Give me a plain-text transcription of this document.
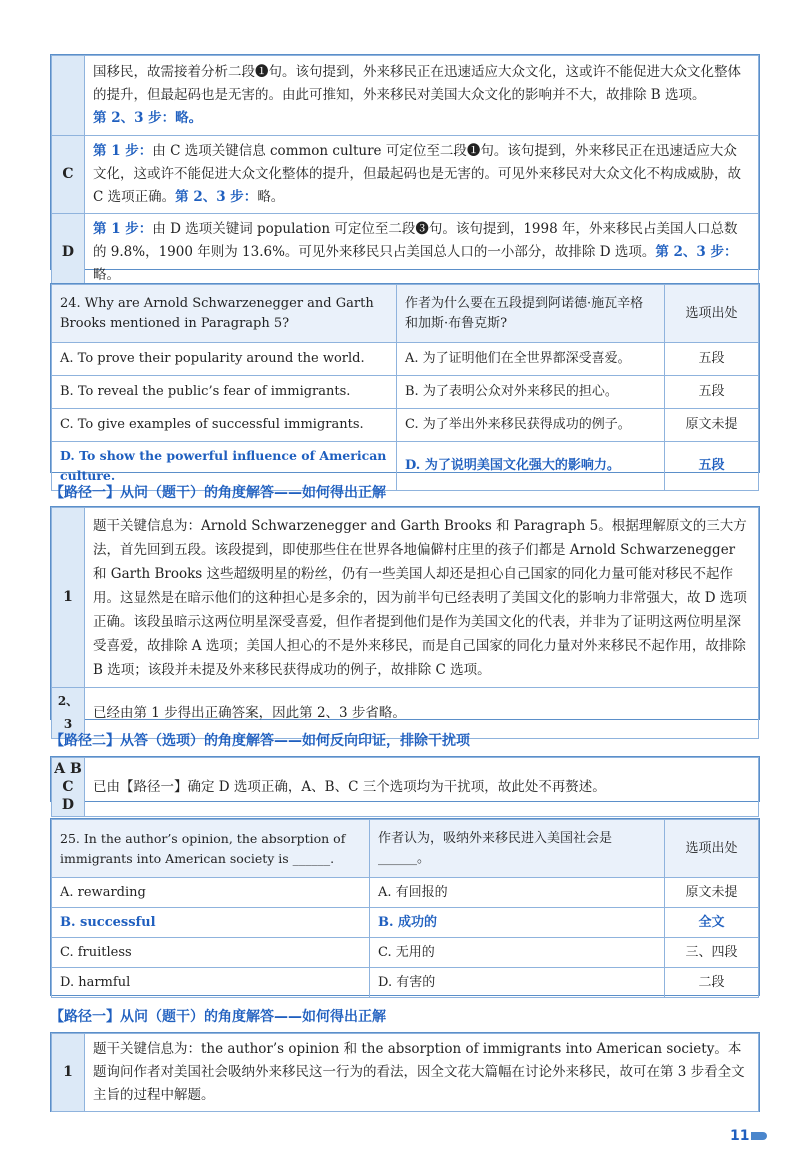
	国移民，故需接着分析二段❶句。该句提到，外来移民正在迅速适应大众文化，这或许不能促进大众文化整体的提升，但最起码也是无害的。由此可推知，外来移民对美国大众文化的影响并不大，故排除 B 选项。
第 2、3 步：略。
C	第 1 步：由 C 选项关键信息 common culture 可定位至二段❶句。该句提到，外来移民正在迅速适应大众文化，这或许不能促进大众文化整体的提升，但最起码也是无害的。可见外来移民对大众文化不构成威胁，故 C 选项正确。第 2、3 步：略。
D	第 1 步：由 D 选项关键词 population 可定位至二段❸句。该句提到，1998 年，外来移民占美国人口总数的 9.8%，1900 年则为 13.6%。可见外来移民只占美国总人口的一小部分，故排除 D 选项。第 2、3 步：略。
24. Why are Arnold Schwarzenegger and Garth Brooks mentioned in Paragraph 5?	作者为什么要在五段提到阿诺德·施瓦辛格和加斯·布鲁克斯?	选项出处
A. To prove their popularity around the world.	A. 为了证明他们在全世界都深受喜爱。	五段
B. To reveal the public’s fear of immigrants.	B. 为了表明公众对外来移民的担心。	五段
C. To give examples of successful immigrants.	C. 为了举出外来移民获得成功的例子。	原文未提
D. To show the powerful influence of American culture.	D. 为了说明美国文化强大的影响力。	五段
【路径一】从问（题干）的角度解答——如何得出正解
1	题干关键信息为：Arnold Schwarzenegger and Garth Brooks 和 Paragraph 5。根据理解原文的三大方法，首先回到五段。该段提到，即使那些住在世界各地偏僻村庄里的孩子们都是 Arnold Schwarzenegger 和 Garth Brooks 这些超级明星的粉丝，仍有一些美国人却还是担心自己国家的同化力量可能对移民不起作用。这显然是在暗示他们的这种担心是多余的，因为前半句已经表明了美国文化的影响力非常强大，故 D 选项正确。该段虽暗示这两位明星深受喜爱，但作者提到他们是作为美国文化的代表，并非为了证明这两位明星深受喜爱，故排除 A 选项；美国人担心的不是外来移民，而是自己国家的同化力量对外来移民不起作用，故排除 B 选项；该段并未提及外来移民获得成功的例子，故排除 C 选项。
2、3	已经由第 1 步得出正确答案，因此第 2、3 步省略。
【路径二】从答（选项）的角度解答——如何反向印证，排除干扰项
A B
C D	已由【路径一】确定 D 选项正确，A、B、C 三个选项均为干扰项，故此处不再赘述。
25. In the author’s opinion, the absorption of immigrants into American society is ______.	作者认为，吸纳外来移民进入美国社会是______。	选项出处
A. rewarding	A. 有回报的	原文未提
B. successful	B. 成功的	全文
C. fruitless	C. 无用的	三、四段
D. harmful	D. 有害的	二段
【路径一】从问（题干）的角度解答——如何得出正解
1	题干关键信息为：the author’s opinion 和 the absorption of immigrants into American society。本题询问作者对美国社会吸纳外来移民这一行为的看法，因全文花大篇幅在讨论外来移民，故可在第 3 步看全文主旨的过程中解题。
11
